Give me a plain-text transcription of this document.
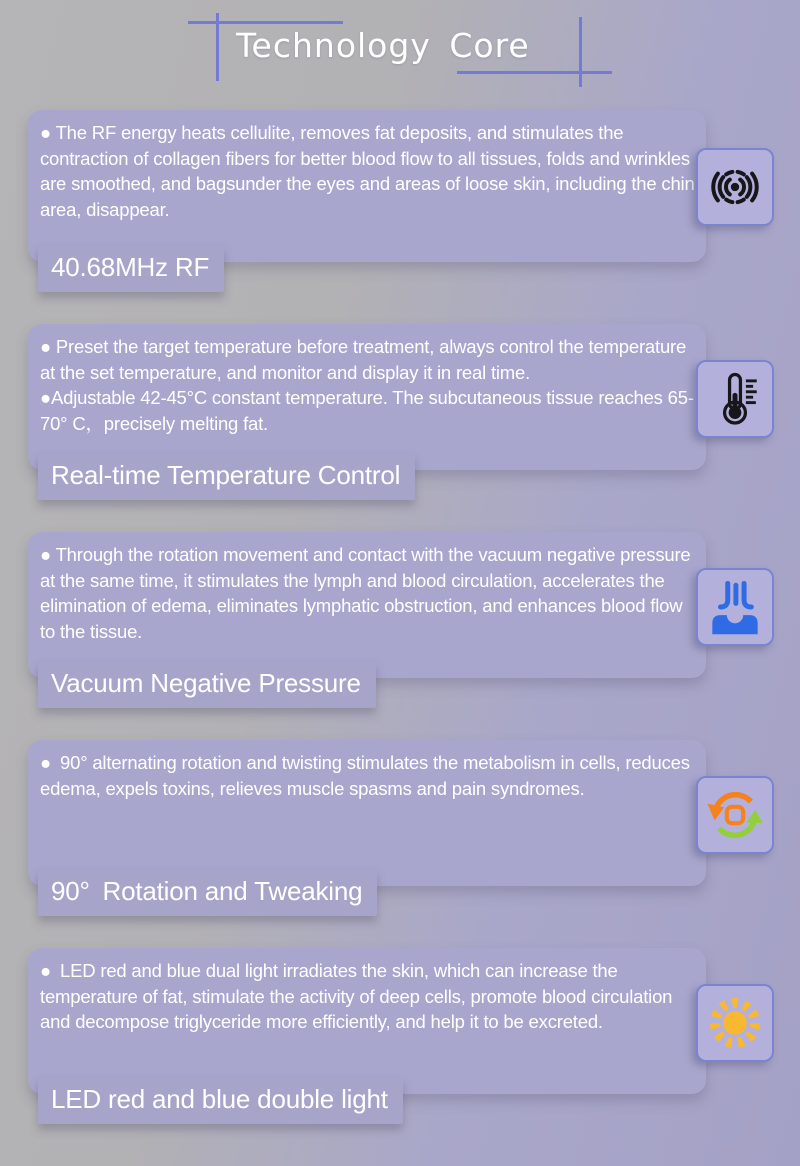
Technology Core

● The RF energy heats cellulite, removes fat deposits, and stimulates the contraction of collagen fibers for better blood flow to all tissues, folds and wrinkles are smoothed, and bagsunder the eyes and areas of loose skin, including the chin area, disappear.

40.68MHz RF

● Preset the target temperature before treatment, always control the temperature at the set temperature, and monitor and display it in real time.

●Adjustable 42-45°C constant temperature. The subcutaneous tissue reaches 65-70° C，precisely melting fat.

Real-time Temperature Control

● Through the rotation movement and contact with the vacuum negative pressure at the same time, it stimulates the lymph and blood circulation, accelerates the elimination of edema, eliminates lymphatic obstruction, and enhances blood flow to the tissue.

Vacuum Negative Pressure

● 90° alternating rotation and twisting stimulates the metabolism in cells, reduces edema, expels toxins, relieves muscle spasms and pain syndromes.

90° Rotation and Tweaking

● LED red and blue dual light irradiates the skin, which can increase the temperature of fat, stimulate the activity of deep cells, promote blood circulation and decompose triglyceride more efficiently, and help it to be excreted.

LED red and blue double light
